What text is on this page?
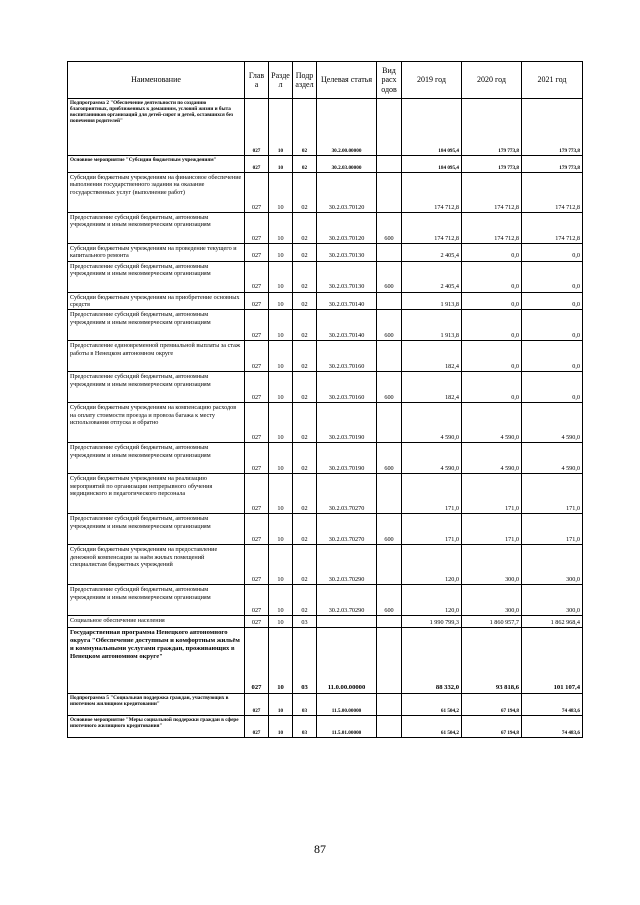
Наименование	Глав а	Разде л	Подр аздел	Целевая статья	Вид расх одов	2019 год	2020 год	2021 год
Подпрограмма 2 "Обеспечение деятельности по созданию благоприятных, приближенных к домашним, условий жизни и быта воспитанников организаций для детей-сирот и детей, оставшихся без попечения родителей"	027	10	02	30.2.00.00000		184 095,4	179 773,8	179 773,8
Основное мероприятие "Субсидии бюджетным учреждениям"	027	10	02	30.2.03.00000		184 095,4	179 773,8	179 773,8
Субсидии бюджетным учреждениям на финансовое обеспечение выполнения государственного задания на оказание государственных услуг (выполнение работ)	027	10	02	30.2.03.70120		174 712,8	174 712,8	174 712,8
Предоставление субсидий бюджетным, автономным учреждениям и иным некоммерческим организациям	027	10	02	30.2.03.70120	600	174 712,8	174 712,8	174 712,8
Субсидии бюджетным учреждениям на проведение текущего и капитального ремонта	027	10	02	30.2.03.70130		2 405,4	0,0	0,0
Предоставление субсидий бюджетным, автономным учреждениям и иным некоммерческим организациям	027	10	02	30.2.03.70130	600	2 405,4	0,0	0,0
Субсидии бюджетным учреждениям на приобретение основных средств	027	10	02	30.2.03.70140		1 913,8	0,0	0,0
Предоставление субсидий бюджетным, автономным учреждениям и иным некоммерческим организациям	027	10	02	30.2.03.70140	600	1 913,8	0,0	0,0
Предоставление единовременной премиальной выплаты за стаж работы в Ненецком автономном округе	027	10	02	30.2.03.70160		182,4	0,0	0,0
Предоставление субсидий бюджетным, автономным учреждениям и иным некоммерческим организациям	027	10	02	30.2.03.70160	600	182,4	0,0	0,0
Субсидии бюджетным учреждениям на компенсацию расходов на оплату стоимости проезда и провоза багажа к месту использования отпуска и обратно	027	10	02	30.2.03.70190		4 590,0	4 590,0	4 590,0
Предоставление субсидий бюджетным, автономным учреждениям и иным некоммерческим организациям	027	10	02	30.2.03.70190	600	4 590,0	4 590,0	4 590,0
Субсидии бюджетным учреждениям на реализацию мероприятий по организации непрерывного обучения медицинского и педагогического персонала	027	10	02	30.2.03.70270		171,0	171,0	171,0
Предоставление субсидий бюджетным, автономным учреждениям и иным некоммерческим организациям	027	10	02	30.2.03.70270	600	171,0	171,0	171,0
Субсидии бюджетным учреждениям на предоставление денежной компенсации за наём жилых помещений специалистам бюджетных учреждений	027	10	02	30.2.03.70290		120,0	300,0	300,0
Предоставление субсидий бюджетным, автономным учреждениям и иным некоммерческим организациям	027	10	02	30.2.03.70290	600	120,0	300,0	300,0
Социальное обеспечение населения	027	10	03			1 990 799,3	1 860 957,7	1 862 968,4
Государственная программа Ненецкого автономного округа "Обеспечение доступным и комфортным жильём и коммунальными услугами граждан, проживающих в Ненецком автономном округе"	027	10	03	11.0.00.00000		88 332,0	93 818,6	101 107,4
Подпрограмма 5 "Социальная поддержка граждан, участвующих в ипотечном жилищном кредитовании"	027	10	03	11.5.00.00000		61 504,2	67 194,8	74 483,6
Основное мероприятие "Меры социальной поддержки граждан в сфере ипотечного жилищного кредитования"	027	10	03	11.5.01.00000		61 504,2	67 194,8	74 483,6
87
